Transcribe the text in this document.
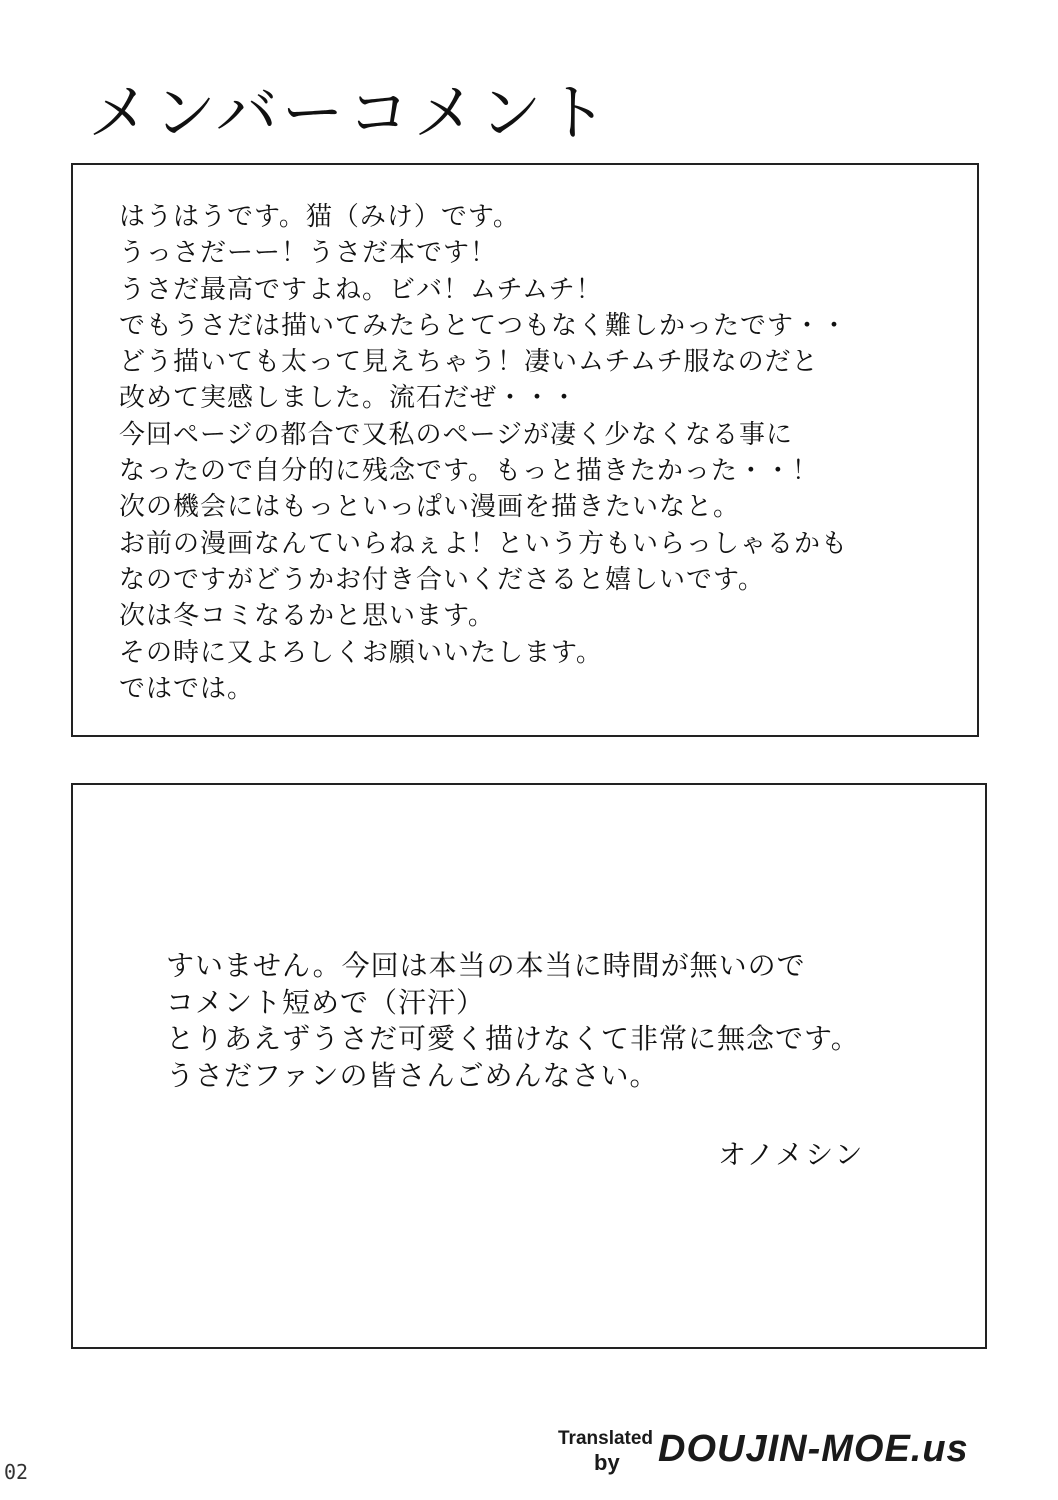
メンバーコメント
はうはうです。猫（みけ）です。
うっさだーー！うさだ本です！
うさだ最高ですよね。ビバ！ムチムチ！
でもうさだは描いてみたらとてつもなく難しかったです・・
どう描いても太って見えちゃう！凄いムチムチ服なのだと
改めて実感しました。流石だぜ・・・
今回ページの都合で又私のページが凄く少なくなる事に
なったので自分的に残念です。もっと描きたかった・・！
次の機会にはもっといっぱい漫画を描きたいなと。
お前の漫画なんていらねぇよ！という方もいらっしゃるかも
なのですがどうかお付き合いくださると嬉しいです。
次は冬コミなるかと思います。
その時に又よろしくお願いいたします。
ではでは。
すいません。今回は本当の本当に時間が無いので
コメント短めで（汗汗）
とりあえずうさだ可愛く描けなくて非常に無念です。
うさだファンの皆さんごめんなさい。
オノメシン
02
Translated
by DOUJIN-MOE.us
